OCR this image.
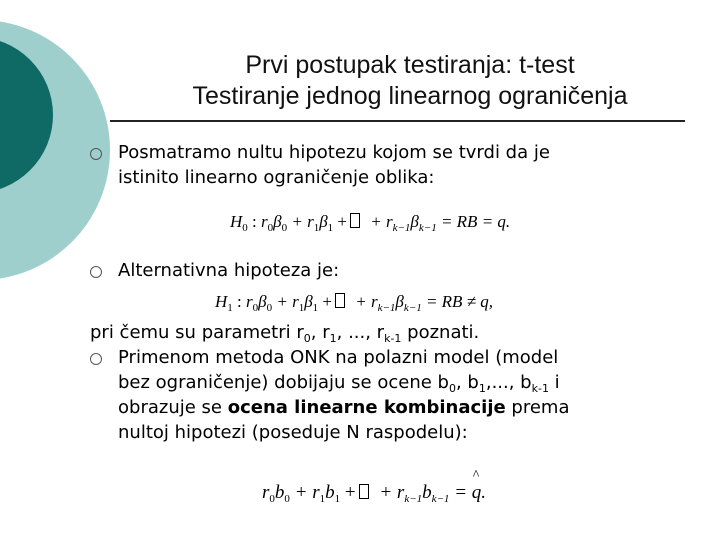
Prvi postupak testiranja: t-test
Testiranje jednog linearnog ograničenja
Posmatramo nultu hipotezu kojom se tvrdi da je
istinito linearno ograničenje oblika:
$H_0$ : $r_0\beta_0 + r_1\beta_1$ + + $r_{k-1}\beta_{k-1}$ = RB = q.
Alternativna hipoteza je:
$H_1$ : $r_0\beta_0 + r_1\beta_1$ + + $r_{k-1}\beta_{k-1}$ = RB ≠ q,
pri čemu su parametri $r_0$, $r_1$, ..., $r_{k-1}$ poznati.
Primenom metoda ONK na polazni model (model
bez ograničenje) dobijaju se ocene $b_0$, $b_1$,..., $b_{k-1}$ i
obrazuje se ocena linearne kombinacije prema
nultoj hipotezi (poseduje N raspodelu):
$r_0b_0 + r_1b_1$ + + $r_{k-1}b_{k-1} = q$
^
.
